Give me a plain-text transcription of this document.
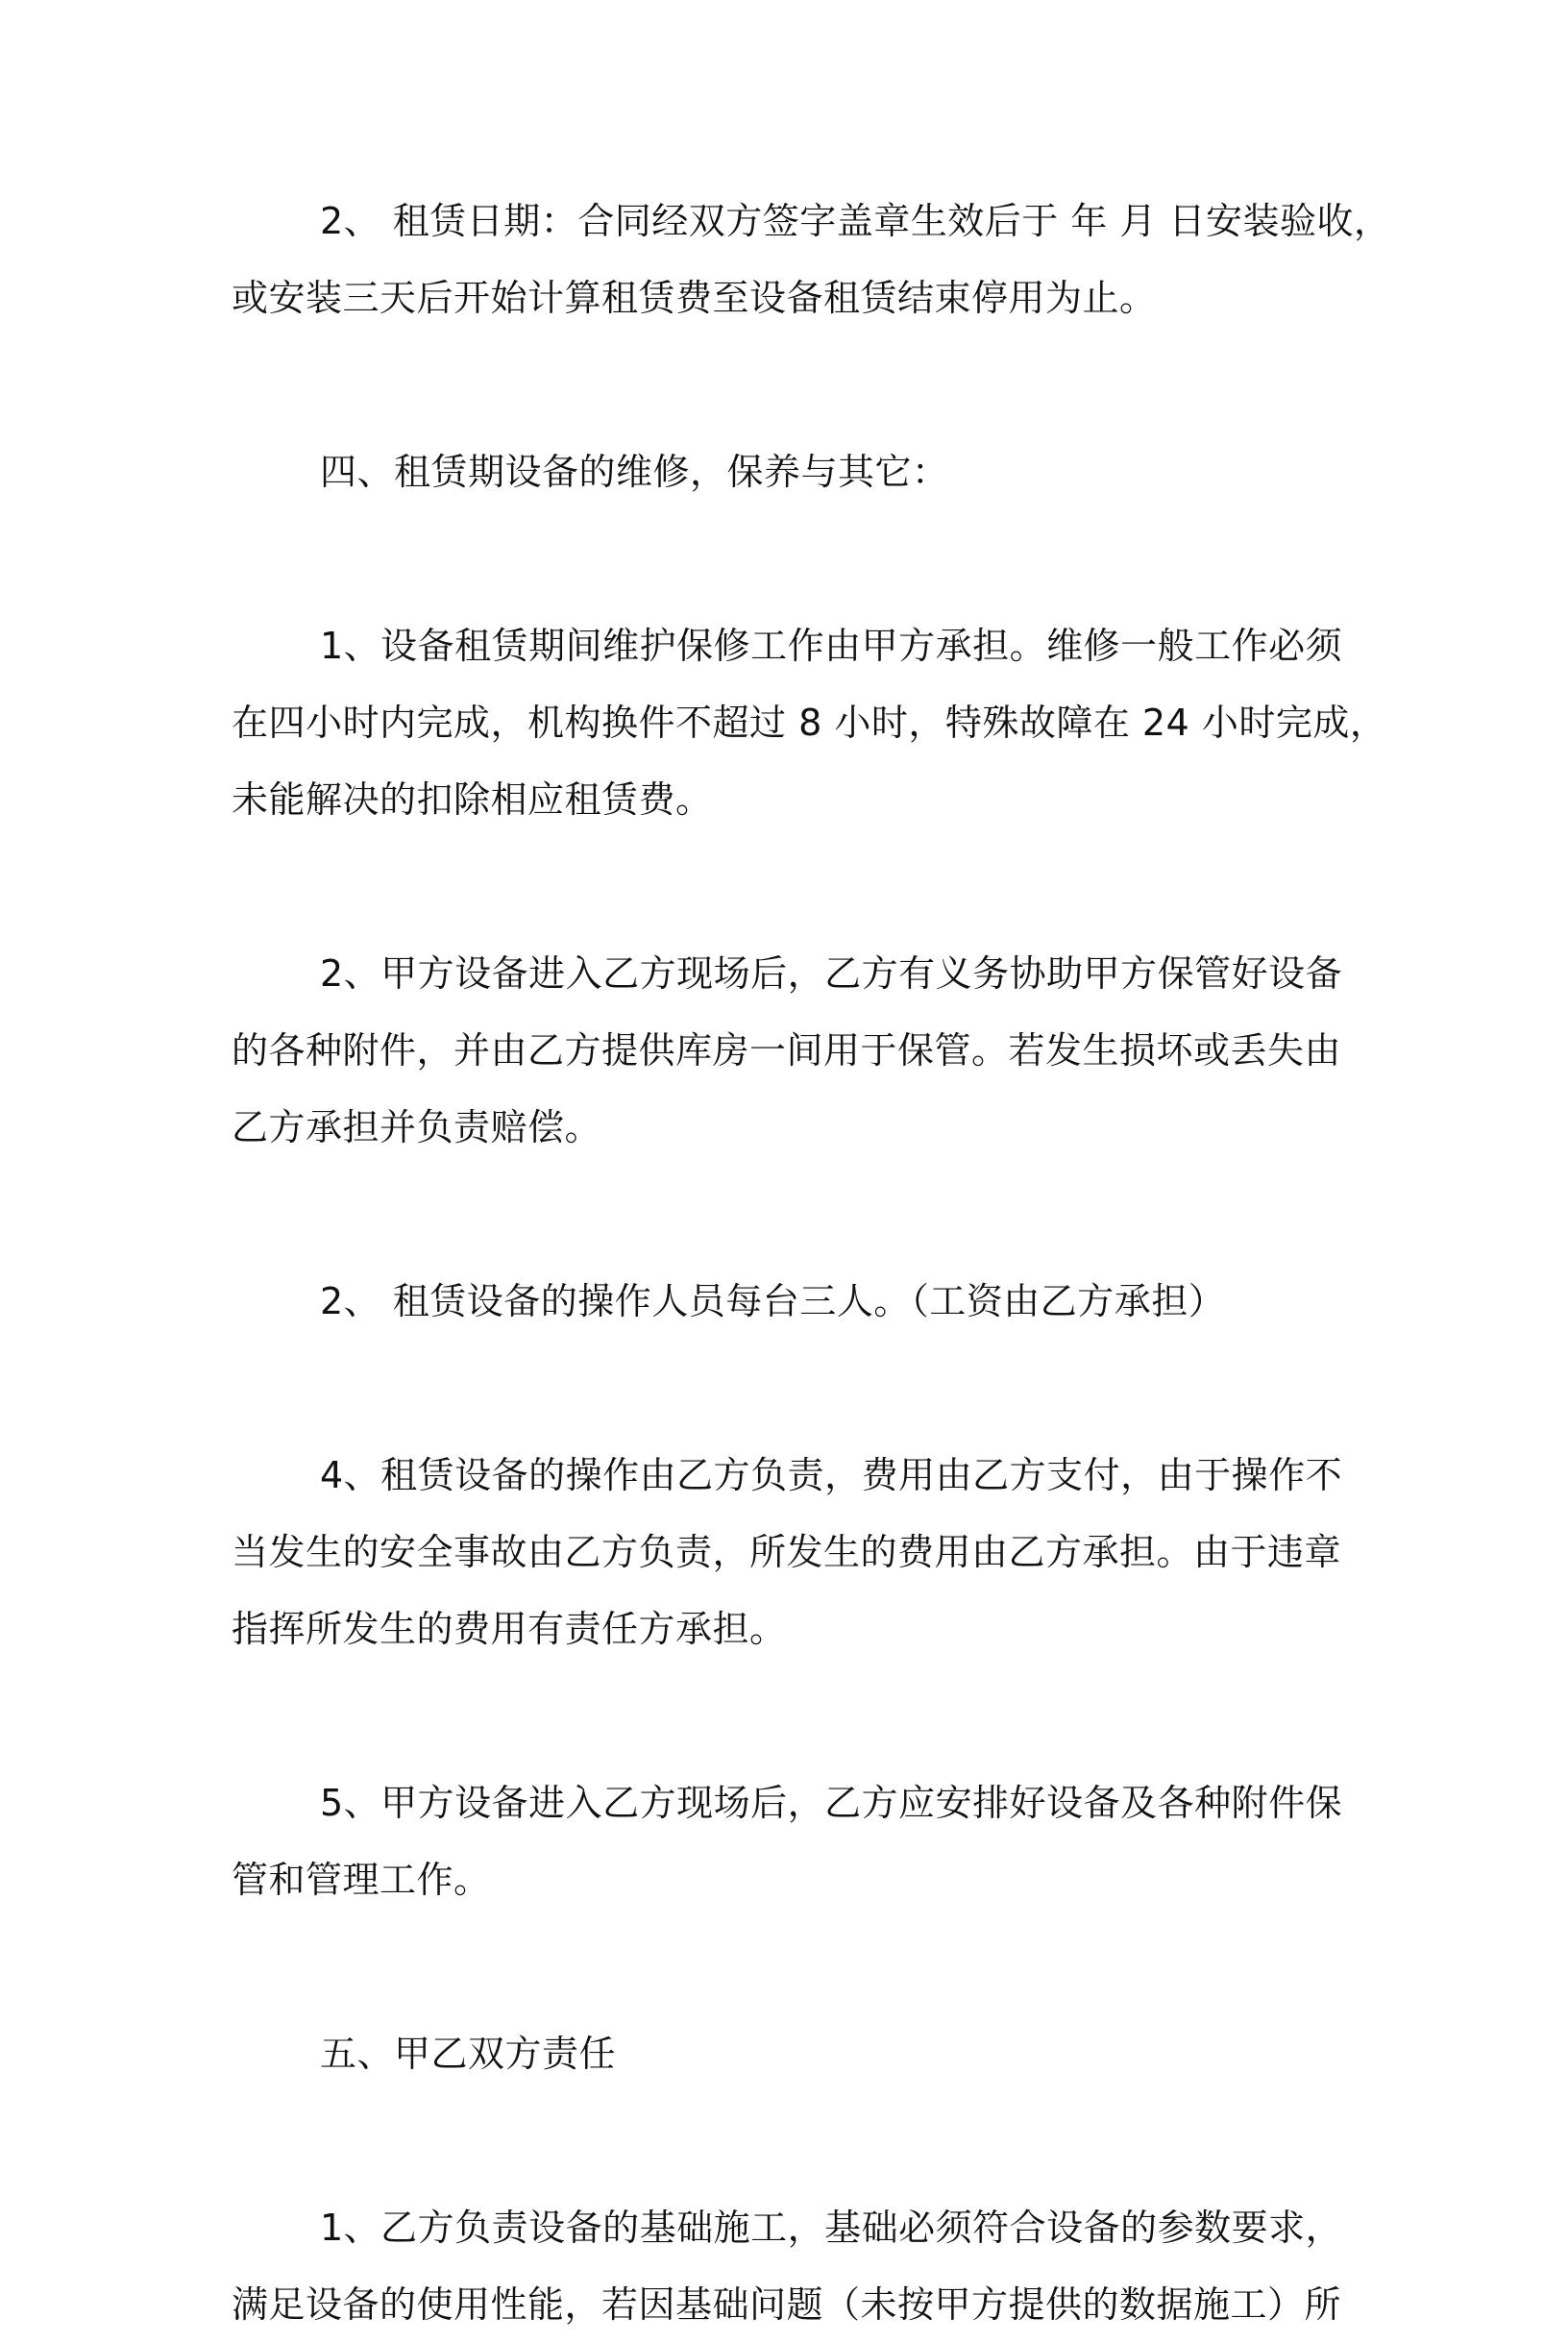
2、 租赁日期：合同经双方签字盖章生效后于 年 月 日安装验收，
或安装三天后开始计算租赁费至设备租赁结束停用为止。
四、租赁期设备的维修，保养与其它：
1、设备租赁期间维护保修工作由甲方承担。维修一般工作必须
在四小时内完成，机构换件不超过 8 小时，特殊故障在 24 小时完成，
未能解决的扣除相应租赁费。
2、甲方设备进入乙方现场后，乙方有义务协助甲方保管好设备
的各种附件，并由乙方提供库房一间用于保管。若发生损坏或丢失由
乙方承担并负责赔偿。
2、 租赁设备的操作人员每台三人。（工资由乙方承担）
4、租赁设备的操作由乙方负责，费用由乙方支付，由于操作不
当发生的安全事故由乙方负责，所发生的费用由乙方承担。由于违章
指挥所发生的费用有责任方承担。
5、甲方设备进入乙方现场后，乙方应安排好设备及各种附件保
管和管理工作。
五、甲乙双方责任
1、乙方负责设备的基础施工，基础必须符合设备的参数要求，
满足设备的使用性能，若因基础问题（未按甲方提供的数据施工）所
